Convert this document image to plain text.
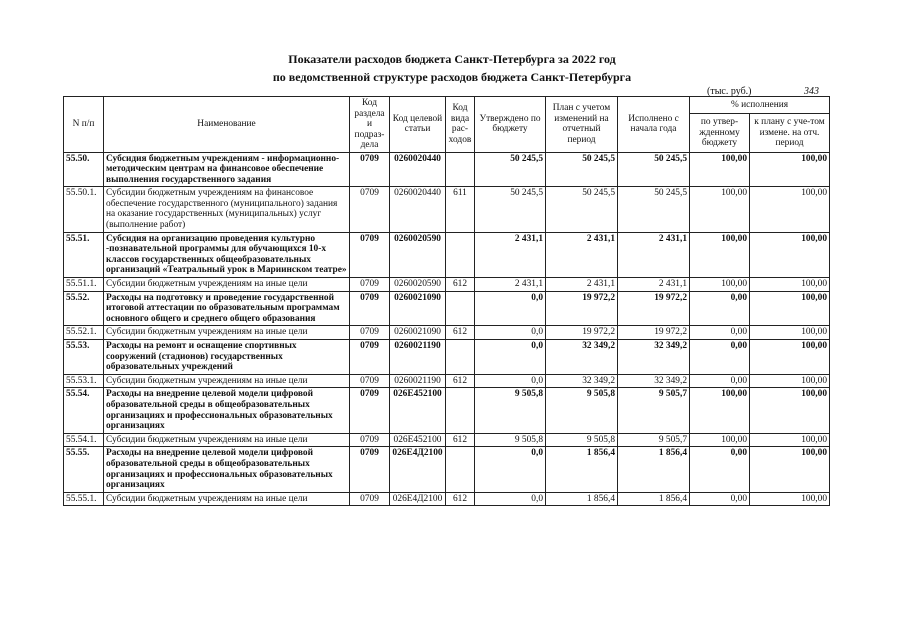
Показатели расходов бюджета Санкт-Петербурга за 2022 год
по ведомственной структуре расходов бюджета Санкт-Петербурга
(тыс. руб.)	343
N п/п	Наименование	Код раздела и подраз-дела	Код целевой статьи	Код вида рас-ходов	Утверждено по бюджету	План с учетом изменений на отчетный период	Исполнено с начала года	% исполнения	
								по утвер-жденному бюджету	к плану с уче-том измене. на отч. период
55.50.	Субсидия бюджетным учреждениям - информационно-методическим центрам на финансовое обеспечение выполнения государственного задания	0709	0260020440		50 245,5	50 245,5	50 245,5	100,00	100,00
55.50.1.	Субсидии бюджетным учреждениям на финансовое обеспечение государственного (муниципального) задания на оказание государственных (муниципальных) услуг (выполнение работ)	0709	0260020440	611	50 245,5	50 245,5	50 245,5	100,00	100,00
55.51.	Субсидия на организацию проведения культурно -познавательной программы для обучающихся 10-х классов государственных общеобразовательных организаций «Театральный урок в Мариинском театре»	0709	0260020590		2 431,1	2 431,1	2 431,1	100,00	100,00
55.51.1.	Субсидии бюджетным учреждениям на иные цели	0709	0260020590	612	2 431,1	2 431,1	2 431,1	100,00	100,00
55.52.	Расходы на подготовку и проведение государственной итоговой аттестации по образовательным программам основного общего и среднего общего образования	0709	0260021090		0,0	19 972,2	19 972,2	0,00	100,00
55.52.1.	Субсидии бюджетным учреждениям на иные цели	0709	0260021090	612	0,0	19 972,2	19 972,2	0,00	100,00
55.53.	Расходы на ремонт и оснащение спортивных сооружений (стадионов) государственных образовательных учреждений	0709	0260021190		0,0	32 349,2	32 349,2	0,00	100,00
55.53.1.	Субсидии бюджетным учреждениям на иные цели	0709	0260021190	612	0,0	32 349,2	32 349,2	0,00	100,00
55.54.	Расходы на внедрение целевой модели цифровой образовательной среды в общеобразовательных организациях и профессиональных образовательных организациях	0709	026E452100		9 505,8	9 505,8	9 505,7	100,00	100,00
55.54.1.	Субсидии бюджетным учреждениям на иные цели	0709	026E452100	612	9 505,8	9 505,8	9 505,7	100,00	100,00
55.55.	Расходы на внедрение целевой модели цифровой образовательной среды в общеобразовательных организациях и профессиональных образовательных организациях	0709	026E4Д2100		0,0	1 856,4	1 856,4	0,00	100,00
55.55.1.	Субсидии бюджетным учреждениям на иные цели	0709	026E4Д2100	612	0,0	1 856,4	1 856,4	0,00	100,00
